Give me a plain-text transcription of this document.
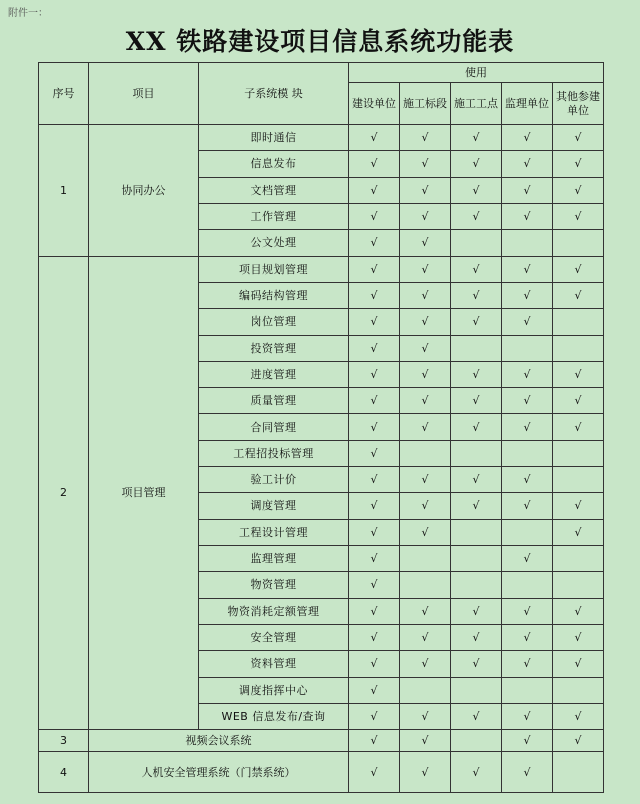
附件一：
XX 铁路建设项目信息系统功能表
序号	项目	子系统模 块	使用				
			建设单位	施工标段	施工工点	监理单位	其他参建单位
1	协同办公	即时通信	√	√	√	√	√
		信息发布	√	√	√	√	√
		文档管理	√	√	√	√	√
		工作管理	√	√	√	√	√
		公文处理	√	√			
2	项目管理	项目规划管理	√	√	√	√	√
		编码结构管理	√	√	√	√	√
		岗位管理	√	√	√	√	
		投资管理	√	√			
		进度管理	√	√	√	√	√
		质量管理	√	√	√	√	√
		合同管理	√	√	√	√	√
		工程招投标管理	√				
		验工计价	√	√	√	√	
		调度管理	√	√	√	√	√
		工程设计管理	√	√			√
		监理管理	√			√	
		物资管理	√				
		物资消耗定额管理	√	√	√	√	√
		安全管理	√	√	√	√	√
		资料管理	√	√	√	√	√
		调度指挥中心	√				
		WEB 信息发布/查询	√	√	√	√	√
3	视频会议系统		√	√		√	√
4	人机安全管理系统（门禁系统）		√	√	√	√	
